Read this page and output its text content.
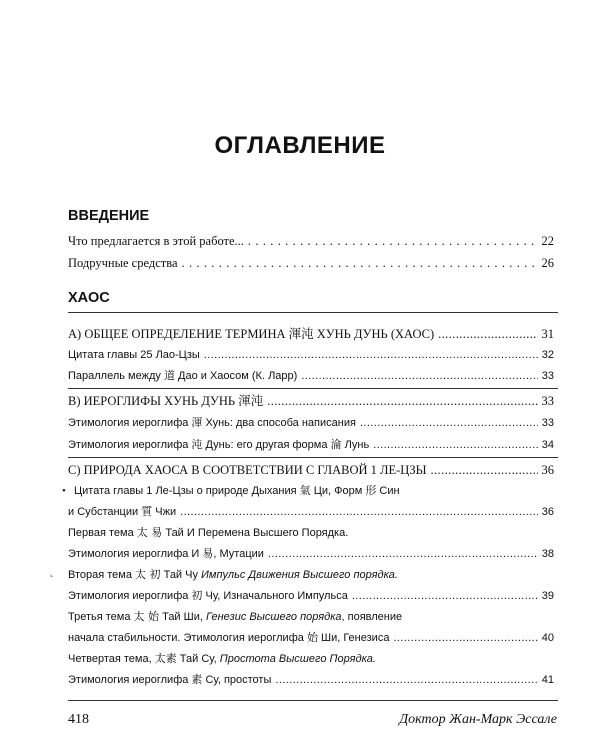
ОГЛАВЛЕНИЕ
ВВЕДЕНИЕ
Что предлагается в этой работе... . . .	22
Подручные средства . . .	26
ХАОС
А) ОБЩЕЕ ОПРЕДЕЛЕНИЕ ТЕРМИНА 渾沌 ХУНЬ ДУНЬ (ХАОС) .....	31
Цитата главы 25 Лао-Цзы .....	32
Параллель между 道 Дао и Хаосом (К. Ларр) .....	33
В) ИЕРОГЛИФЫ ХУНЬ ДУНЬ 渾沌 .....	33
Этимология иероглифа 渾 Хунь: два способа написания .....	33
Этимология иероглифа 沌 Дунь: его другая форма 淪 Лунь .....	34
С) ПРИРОДА ХАОСА В СООТВЕТСТВИИ С ГЛАВОЙ 1 ЛЕ-ЦЗЫ .....	36
• Цитата главы 1 Ле-Цзы о природе Дыхания 氣 Ци, Форм 形 Син
и Субстанции 質 Чжи .....	36
Первая тема 太 易 Тай И Перемена Высшего Порядка.
Этимология иероглифа И 易, Мутации .....	38
˛ Вторая тема 太 初 Тай Чу Импульс Движения Высшего порядка.
Этимология иероглифа 初 Чу, Изначального Импульса .....	39
Третья тема 太 始 Тай Ши, Генезис Высшего порядка, появление
начала стабильности. Этимология иероглифа 始 Ши, Генезиса .....	40
Четвертая тема, 太素 Тай Су, Простота Высшего Порядка.
Этимология иероглифа 素 Су, простоты .....	41
418	Доктор Жан-Марк Эссале
